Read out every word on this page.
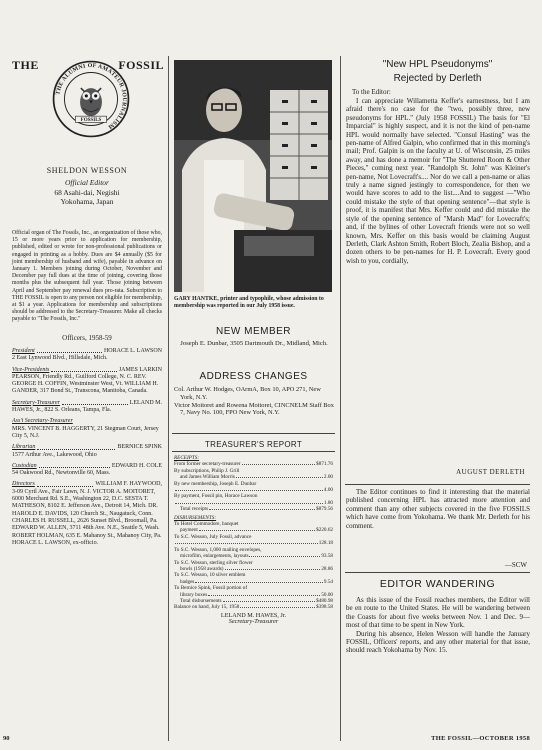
THE	FOSSIL
THE ALUMNI OF AMATEUR JOURNALISM
FOSSILS
SHELDON WESSON
Official Editor
68 Asahi-dai, Negishi
Yokohama, Japan
Official organ of The Fossils, Inc., an organization of those who, 15 or more years prior to application for membership, published, edited or wrote for non-professional publications or engaged in printing as a hobby. Dues are $4 annually ($5 for joint membership of husband and wife), payable in advance on January 1. Members joining during October, November and December pay full dues at the time of joining, covering those months plus the subsequent full year. Those joining between April and September pay renewal dues pro-rata. Subscription to THE FOSSIL is open to any person not eligible for membership, at $1 a year. Applications for membership and subscriptions should be addressed to the Secretary-Treasurer. Make all checks payable to "The Fossils, Inc."
Officers, 1958-59
President	HORACE L. LAWSON
2 East Lynwood Blvd., Hillsdale, Mich.
Vice-Presidents	JAMES LARKIN
PEARSON, Friendly Rd., Guilford College, N. C. REV. GEORGE H. COFFIN, Westminster West, Vt. WILLIAM H. GANDER, 317 Bond St., Transcona, Manitoba, Canada.
Secretary-Treasurer	LELAND M.
HAWES, Jr., 822 S. Orleans, Tampa, Fla.
Ass't Secretary-Treasurer
MRS. VINCENT B. HAGGERTY, 21 Stegman Court, Jersey City 5, N.J.
Librarian	BERNICE SPINK
1577 Arthur Ave., Lakewood, Ohio
Custodian	EDWARD H. COLE
54 Oakwood Rd., Newtonville 60, Mass.
Directors	WILLIAM F. HAYWOOD,
3-09 Cyril Ave., Fair Lawn, N. J. VICTOR A. MOITORET, 6000 Merchant Rd. S.E., Washington 22, D.C. SESTA T. MATHESON, 8102 E. Jefferson Ave., Detroit 14, Mich. DR. HAROLD E. DAVIDS, 120 Church St., Naugatuck, Conn. CHARLES H. RUSSELL, 2626 Sunset Blvd., Broomall, Pa. EDWARD W. ALLEN, 3711 48th Ave. N.E., Seattle 5, Wash. ROBERT HOLMAN, 635 E. Mahanoy St., Mahanoy City, Pa. HORACE L. LAWSON, ex-officio.
GARY HANTKE, printer and typophile, whose admission to membership was reported in our July 1958 issue.
NEW MEMBER
Joseph E. Dunbar, 3505 Dartmouth Dr., Midland, Mich.
ADDRESS CHANGES
Col. Arthur W. Hodges, OArmA, Box 10, APO 271, New York, N.Y.
Victor Moitoret and Rowena Moitoret, CINCNELM Staff Box 7, Navy No. 100, FPO New York, N.Y.
TREASURER'S REPORT
RECEIPTS:
From former secretary-treasurer	$871.76
By subscriptions, Philip J. Grill
and James William Morris	2.00
By new membership, Joseph E. Dunbar
4.00
By payment, Fossil pin, Horace Lawson
1.80
Total receipts	$879.56
DISBURSEMENTS:
To Hotel Commodore, banquet
payment	$220.62
To S.C. Wesson, July Fossil, advance
128.18
To S.C. Wesson, 1,000 mailing envelopes,
microfilm, enlargements, layouts	93.58
To S.C. Wesson, sterling silver flower
bowls (1958 awards)	28.86
To S.C. Wesson, 10 silver emblem
badges	9.54
To Bernice Spink, Fossil portion of
library boxes	50.00
Total disbursements	$480.98
Balance on hand, July 15, 1958	$398.58
LELAND M. HAWES, Jr.
Secretary-Treasurer
"New HPL Pseudonyms"
Rejected by Derleth
To the Editor:
I can appreciate Willametta Keffer's earnestness, but I am afraid there's no case for the "two, possibly three, new pseudonyms for HPL." (July 1958 FOSSIL) The basis for "El Imparcial" is highly suspect, and it is not the kind of pen-name HPL would normally have selected. "Consul Hasting" was the pen-name of Alfred Galpin, who confirmed that in this morning's mail; Prof. Galpin is on the faculty at U. of Wisconsin, 25 miles away, and has done a memoir for "The Shuttered Room & Other Pieces," coming next year. "Randolph St. John" was Kleiner's pen-name, Not Lovecraft's.... Nor do we call a pen-name or alias truly a name signed jestingly to correspondence, for then we would have scores to add to the list....And to suggest —"Who could mistake the style of that opening sentence"—that style is proof, it is manifest that Mrs. Keffer could and did mistake the style of the opening sentence of "Marsh Mad" for Lovecraft's; and, if the bylines of other Lovecraft friends were not so well known, Mrs. Keffer on this basis would be claiming August Derleth, Clark Ashton Smith, Robert Bloch, Zealia Bishop, and a dozen others to be pen-names for H. P. Lovecraft. Every good wish to you, cordially,
AUGUST DERLETH
The Editor continues to find it interesting that the material published concerning HPL has attracted more attention and comment than any other subjects covered in the five FOSSILS which have come from Yokohama. We thank Mr. Derleth for his comment.
—SCW
EDITOR WANDERING

As this issue of the Fossil reaches members, the Editor will be en route to the United States. He will be wandering between the Coasts for about five weeks between Nov. 1 and Dec. 9—most of that time to be spent in New York.

During his absence, Helen Wesson will handle the January FOSSIL, Officers' reports, and any other material for that issue, should reach Yokohama by Nov. 15.

90	THE FOSSIL—OCTOBER 1958
